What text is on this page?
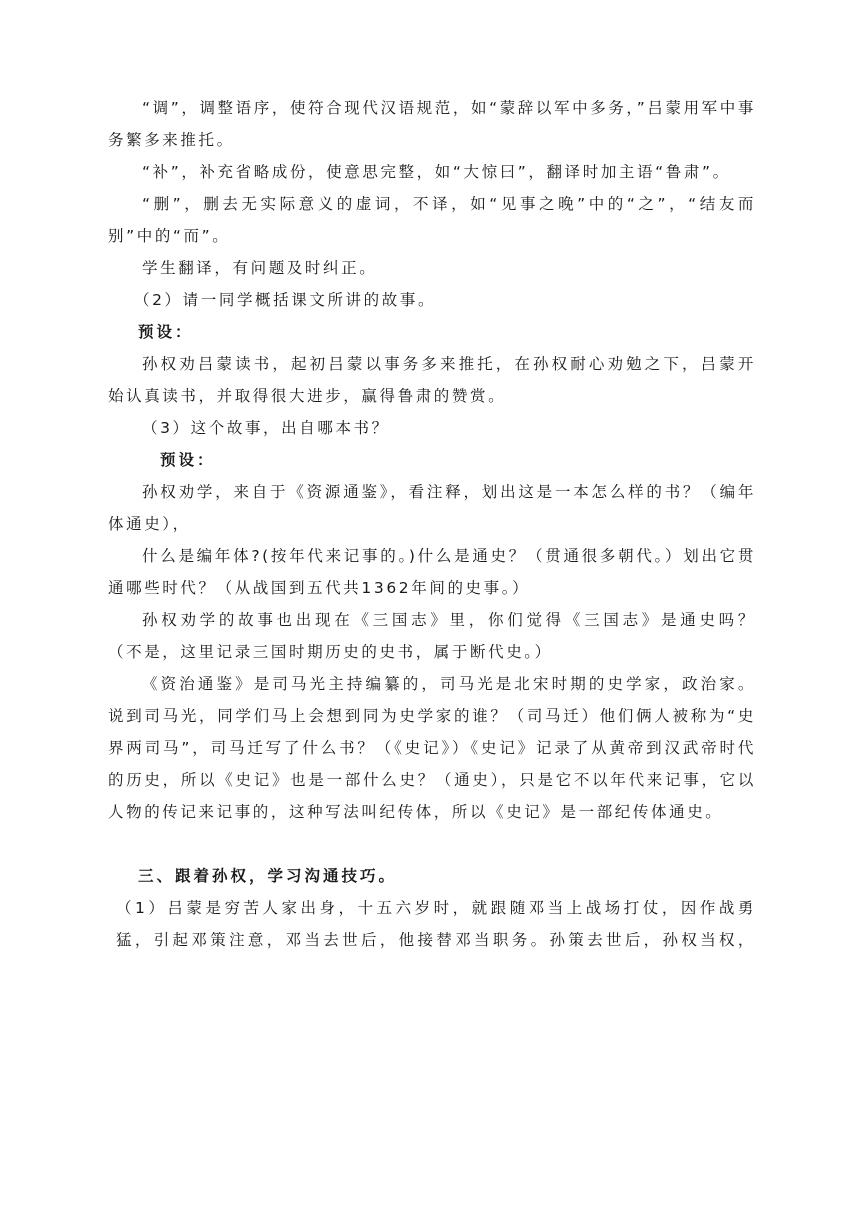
“调”，调整语序，使符合现代汉语规范，如“蒙辞以军中多务，”吕蒙用军中事务繁多来推托。

“补”，补充省略成份，使意思完整，如“大惊曰”，翻译时加主语“鲁肃”。

“删”，删去无实际意义的虚词，不译，如“见事之晚”中的“之”，“结友而别”中的“而”。

学生翻译，有问题及时纠正。

（2）请一同学概括课文所讲的故事。

预设：

孙权劝吕蒙读书，起初吕蒙以事务多来推托，在孙权耐心劝勉之下，吕蒙开始认真读书，并取得很大进步，赢得鲁肃的赞赏。

（3）这个故事，出自哪本书？

预设：

孙权劝学，来自于《资源通鉴》，看注释，划出这是一本怎么样的书？（编年体通史），

什么是编年体?(按年代来记事的。)什么是通史？（贯通很多朝代。）划出它贯通哪些时代？（从战国到五代共1362年间的史事。）

孙权劝学的故事也出现在《三国志》里，你们觉得《三国志》是通史吗？（不是，这里记录三国时期历史的史书，属于断代史。）

《资治通鉴》是司马光主持编纂的，司马光是北宋时期的史学家，政治家。说到司马光，同学们马上会想到同为史学家的谁？（司马迁）他们俩人被称为“史界两司马”，司马迁写了什么书？（《史记》）《史记》记录了从黄帝到汉武帝时代的历史，所以《史记》也是一部什么史？（通史），只是它不以年代来记事，它以人物的传记来记事的，这种写法叫纪传体，所以《史记》是一部纪传体通史。

三、跟着孙权，学习沟通技巧。

（1）吕蒙是穷苦人家出身，十五六岁时，就跟随邓当上战场打仗，因作战勇猛，引起邓策注意，邓当去世后，他接替邓当职务。孙策去世后，孙权当权，
